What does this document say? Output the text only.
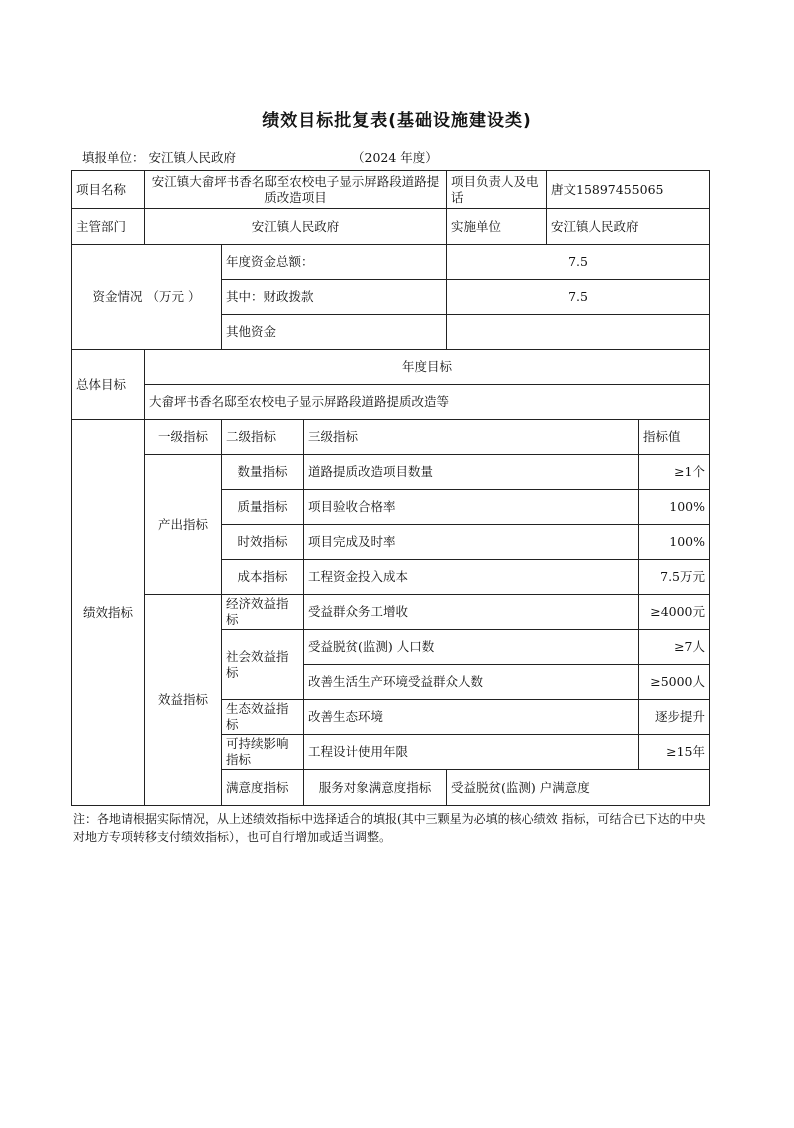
绩效目标批复表(基础设施建设类)
填报单位： 安江镇人民政府	（2024 年度）
项目名称	安江镇大畲坪书香名邸至农校电子显示屏路段道路提质改造项目			项目负责人及电话	唐文15897455065		
主管部门	安江镇人民政府			实施单位	安江镇人民政府		
资金情况 （万元 ）		年度资金总额：		7.5			
		其中：财政拨款		7.5			
		其他资金					
总体目标	年度目标						
	大畲坪书香名邸至农校电子显示屏路段道路提质改造等						
绩效指标	一级指标	二级指标	三级指标			指标值	
	产出指标	数量指标	道路提质改造项目数量			≥1个	
		质量指标	项目验收合格率			100%	
		时效指标	项目完成及时率			100%	
		成本指标	工程资金投入成本			7.5万元	
	效益指标	经济效益指标	受益群众务工增收			≥4000元	
		社会效益指标	受益脱贫(监测) 人口数			≥7人	
			改善生活生产环境受益群众人数			≥5000人	
		生态效益指标	改善生态环境			逐步提升	
		可持续影响指标	工程设计使用年限			≥15年	
		满意度指标	服务对象满意度指标	受益脱贫(监测) 户满意度	
注：各地请根据实际情况，从上述绩效指标中选择适合的填报(其中三颗星为必填的核心绩效 指标，可结合已下达的中央对地方专项转移支付绩效指标），也可自行增加或适当调整。
